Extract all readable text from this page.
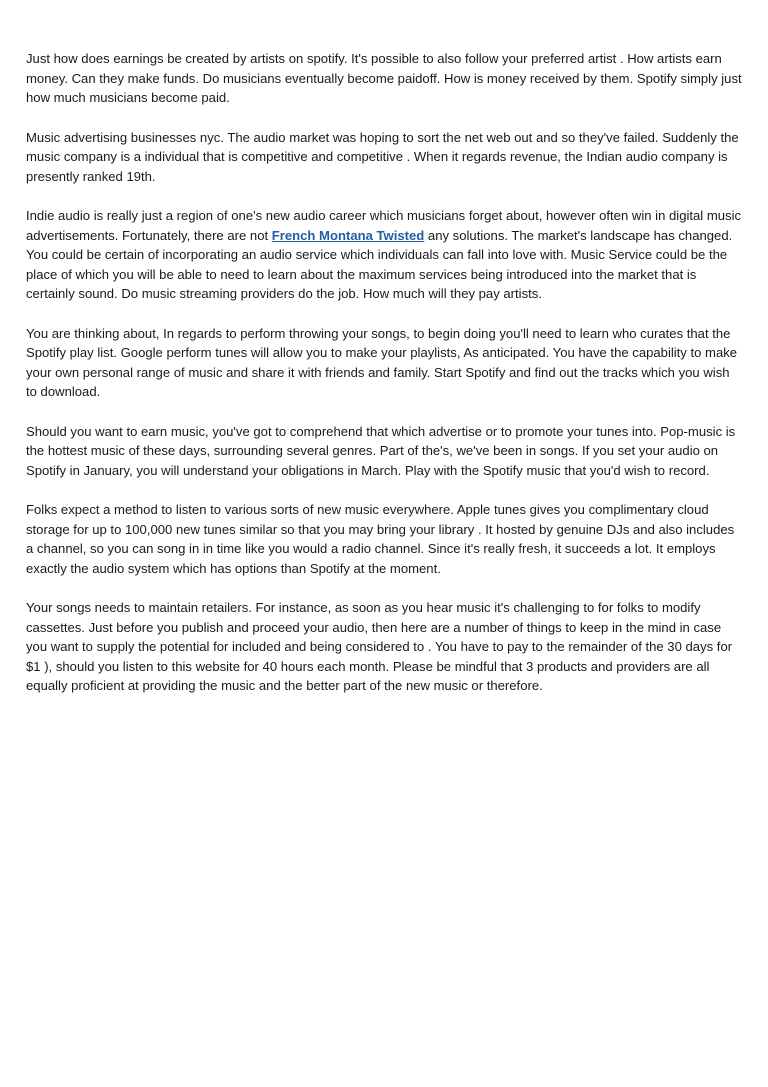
Just how does earnings be created by artists on spotify. It's possible to also follow your preferred artist . How artists earn money. Can they make funds. Do musicians eventually become paidoff. How is money received by them. Spotify simply just how much musicians become paid.

Music advertising businesses nyc. The audio market was hoping to sort the net web out and so they've failed. Suddenly the music company is a individual that is competitive and competitive . When it regards revenue, the Indian audio company is presently ranked 19th.

Indie audio is really just a region of one's new audio career which musicians forget about, however often win in digital music advertisements. Fortunately, there are not French Montana Twisted any solutions. The market's landscape has changed. You could be certain of incorporating an audio service which individuals can fall into love with. Music Service could be the place of which you will be able to need to learn about the maximum services being introduced into the market that is certainly sound. Do music streaming providers do the job. How much will they pay artists.

You are thinking about, In regards to perform throwing your songs, to begin doing you'll need to learn who curates that the Spotify play list. Google perform tunes will allow you to make your playlists, As anticipated. You have the capability to make your own personal range of music and share it with friends and family. Start Spotify and find out the tracks which you wish to download.

Should you want to earn music, you've got to comprehend that which advertise or to promote your tunes into. Pop-music is the hottest music of these days, surrounding several genres. Part of the's, we've been in songs. If you set your audio on Spotify in January, you will understand your obligations in March. Play with the Spotify music that you'd wish to record.

Folks expect a method to listen to various sorts of new music everywhere. Apple tunes gives you complimentary cloud storage for up to 100,000 new tunes similar so that you may bring your library . It hosted by genuine DJs and also includes a channel, so you can song in in time like you would a radio channel. Since it's really fresh, it succeeds a lot. It employs exactly the audio system which has options than Spotify at the moment.

Your songs needs to maintain retailers. For instance, as soon as you hear music it's challenging to for folks to modify cassettes. Just before you publish and proceed your audio, then here are a number of things to keep in the mind in case you want to supply the potential for included and being considered to . You have to pay to the remainder of the 30 days for $1 ), should you listen to this website for 40 hours each month. Please be mindful that 3 products and providers are all equally proficient at providing the music and the better part of the new music or therefore.
